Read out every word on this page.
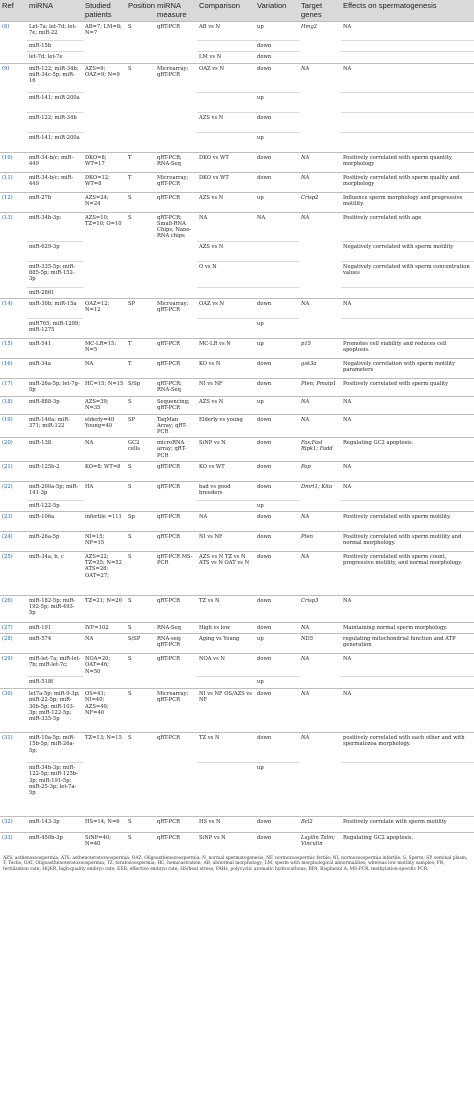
Ref	miRNA	Studied patients	Position	miRNA measure	Comparison	Variation	Target genes	Effects on spermatogenesis
(8)	Let-7a; let-7d; let-7e; miR-22	AB=7; LM=8; N=7	S	qRT-PCR	AB vs N	up	Hmg2	NA
	miR-15b					down		
	let-7d; let-7e				LM vs N	down		
(9)	miR-122; miR-34b; miR-34c-5p; miR-16	AZS=9; OAZ=9; N=9	S	Microarray; qRT-PCR	OAZ vs N	down	NA	NA
	miR-141; miR-200a					up		
	miR-122; miR-34b				AZS vs N	down		
	miR-141; miR-200a					up		
(10)	miR-34-b/c; miR-449	DKO=8; WT=17	T	qRT-PCR; RNA-Seq	DKO vs WT	down	NA	Positively correlated with sperm quantity, morphology
(11)	miR-34-b/c; miR-449	DKO=12; WT=8	T	Microarray; qRT-PCR	DKO vs WT	down	NA	Positively correlated with sperm quality and morphology
(12)	miR-27b	AZS=24; N=24	S	qRT-PCR	AZS vs N	up	Crisp2	Influence sperm morphology and progressive motility.
(13)	miR-34b-3p;	AZS=10; TZ=10; O=10	S	qRT-PCR; Small-RNA Chips; Nano-RNA chips	NA	NA	NA	Positively correlated with age
	miR-629-3p				AZS vs N			Negatively correlated with sperm motility
	miR-335-5p; miR-885-5p; miR-152-3p				O vs N			Negatively correlated with sperm concentration values
	miR-2861							
(14)	miR-30b; miR-15a	OAZ=12; N=12	SP	Microarray; qRT-PCR	OAZ vs N	down	NA	NA
	miR765; miR-1299; miR-1275					up		
(15)	miR-541	MC-LR=15; N=5	T	qRT-PCR	MC-LR vs N	up	p15	Promotes cell viability and reduces cell apoptosis.
(16)	miR-34a	NA	T	qRT-PCR	KO vs N	down	gsk3a	Negatively correlation with sperm motility parameters
(17)	miR-26a-5p; let-7g-5p	HC=15; N=15	S/Sp	qRT-PCR; RNA-Seq	NI vs NF	down	Pten; Pmaip1	Positively correlated with sperm quality
(18)	miR-888-3p	AZS=39; N=35	S	Sequencing; qRT-PCR	AZS vs N	up	NA	NA
(19)	miR-146a; miR-371; miR-122	elderly=40 Young=40	SP	TaqMan Array; qRT-PCR	Elderly vs young	down	NA	NA
(20)	miR-138	NA	GC2 cells	microRNA array; qRT-PCR	SiNP vs N	down	Fas;Fasl Ripk1; Fadd	Regulating GC2 apoptosis.
(21)	miR-125b-2	KO=8; WT=8	S	qRT-PCR	KO vs WT	down	Pap	NA
(22)	miR-200a-5p; miR-141-3p	HA	S	qRT-PCR	bad vs good breeders	down	Dmrt1; Kita	NA
	miR-122-5p					up		
(23)	miR-106a	infertile =111	Sp	qRT-PCR	NA	down	NA	Positively correlated with sperm motility.
(24)	miR-26a-5p	NI=15; NF=15	S	qRT-PCR	NI vs NF	down	Pten	Positively correlated with sperm motility and normal morphology.
(25)	miR-34a, b, c	AZS=22; TZ=25; N=52 ATS=28; OAT=27;	S	qRT-PCR MS-PCR	AZS vs N TZ vs N ATS vs N OAT vs N	down	NA	Positively correlated with sperm count, progressive motility, and normal morphology.
(26)	miR-182-5p; miR-192-5p; miR-493-5p	TZ=21; N=20	S	qRT-PCR	TZ vs N	down	Crisp3	NA
(27)	miR-191	IVF=102	S	RNA-Seq	High vs low	down	NA	Maintaining normal sperm morphology.
(28)	miR-574	NA	S/SP	RNA-seq; qRT-PCR	Aging vs Young	up	ND5	regulating mitochondrial function and ATP generation
(29)	miR-let-7a; miR-let-7b; miR-let-7c;	NOA=20; OAT=46; N=50	S	qRT-PCR	NOA vs N	down	NA	NA
	miR-518f					up		
(30)	let7a-5p; miR-9-3p; miR-22-5p; miR-30b-5p; miR-103-3p; miR-122-5p; miR-335-5p	OS=41; NI=40; AZS=40; NF=40	S	Microarray; qRT-PCR	NI vs NF OS/AZS vs NF	down	NA	NA
(31)	miR-10a-5p; miR-15b-5p; miR-26a-5p;	TZ=13; N=15	S	qRT-PCR	TZ vs N	down	NA	positively correlated with each other and with spermatozoa morphology.
	miR-34b-3p; miR-122-5p; miR-125b-3p; miR-191-5p; miR-25-3p; let-7a-5p					up		
(32)	miR-143-3p	HS=14; N=6	S	qRT-PCR	HS vs N	down	Bcl2	Positively correlate with sperm motility
(33)	miR-450b-3p	SiNP=40; N=40	S	qRT-PCR	SiNP vs N	down	Layilin Talin; Vinculin	Regulating GC2 apoptosis.
AZS, asthenozoospermia; ATS, asthenoteratozoospermia; OAZ, Oligoasthenozoospermia; N, normal spermatogenesis; NF, normozoospermic fertile; NI, normozoospermia infertile; S, Sperm; SP, seminal plasm; T, Testis; OAT, Oligoasthenoteratozoospermia; TZ, teratozoospermia; HC, hemicastration; AB, abnormal morphology; LM, sperm with morphological abnormalities, whereas low motility samples; FR, fertilization rate; HQER, high-quality embryo rate; EER, effective embryo rate; HS/heat stress; PAHs, polycyclic aromatic hydrocarbons; BPA, Bisphenol A; MS-PCR, methylation-specific PCR.
